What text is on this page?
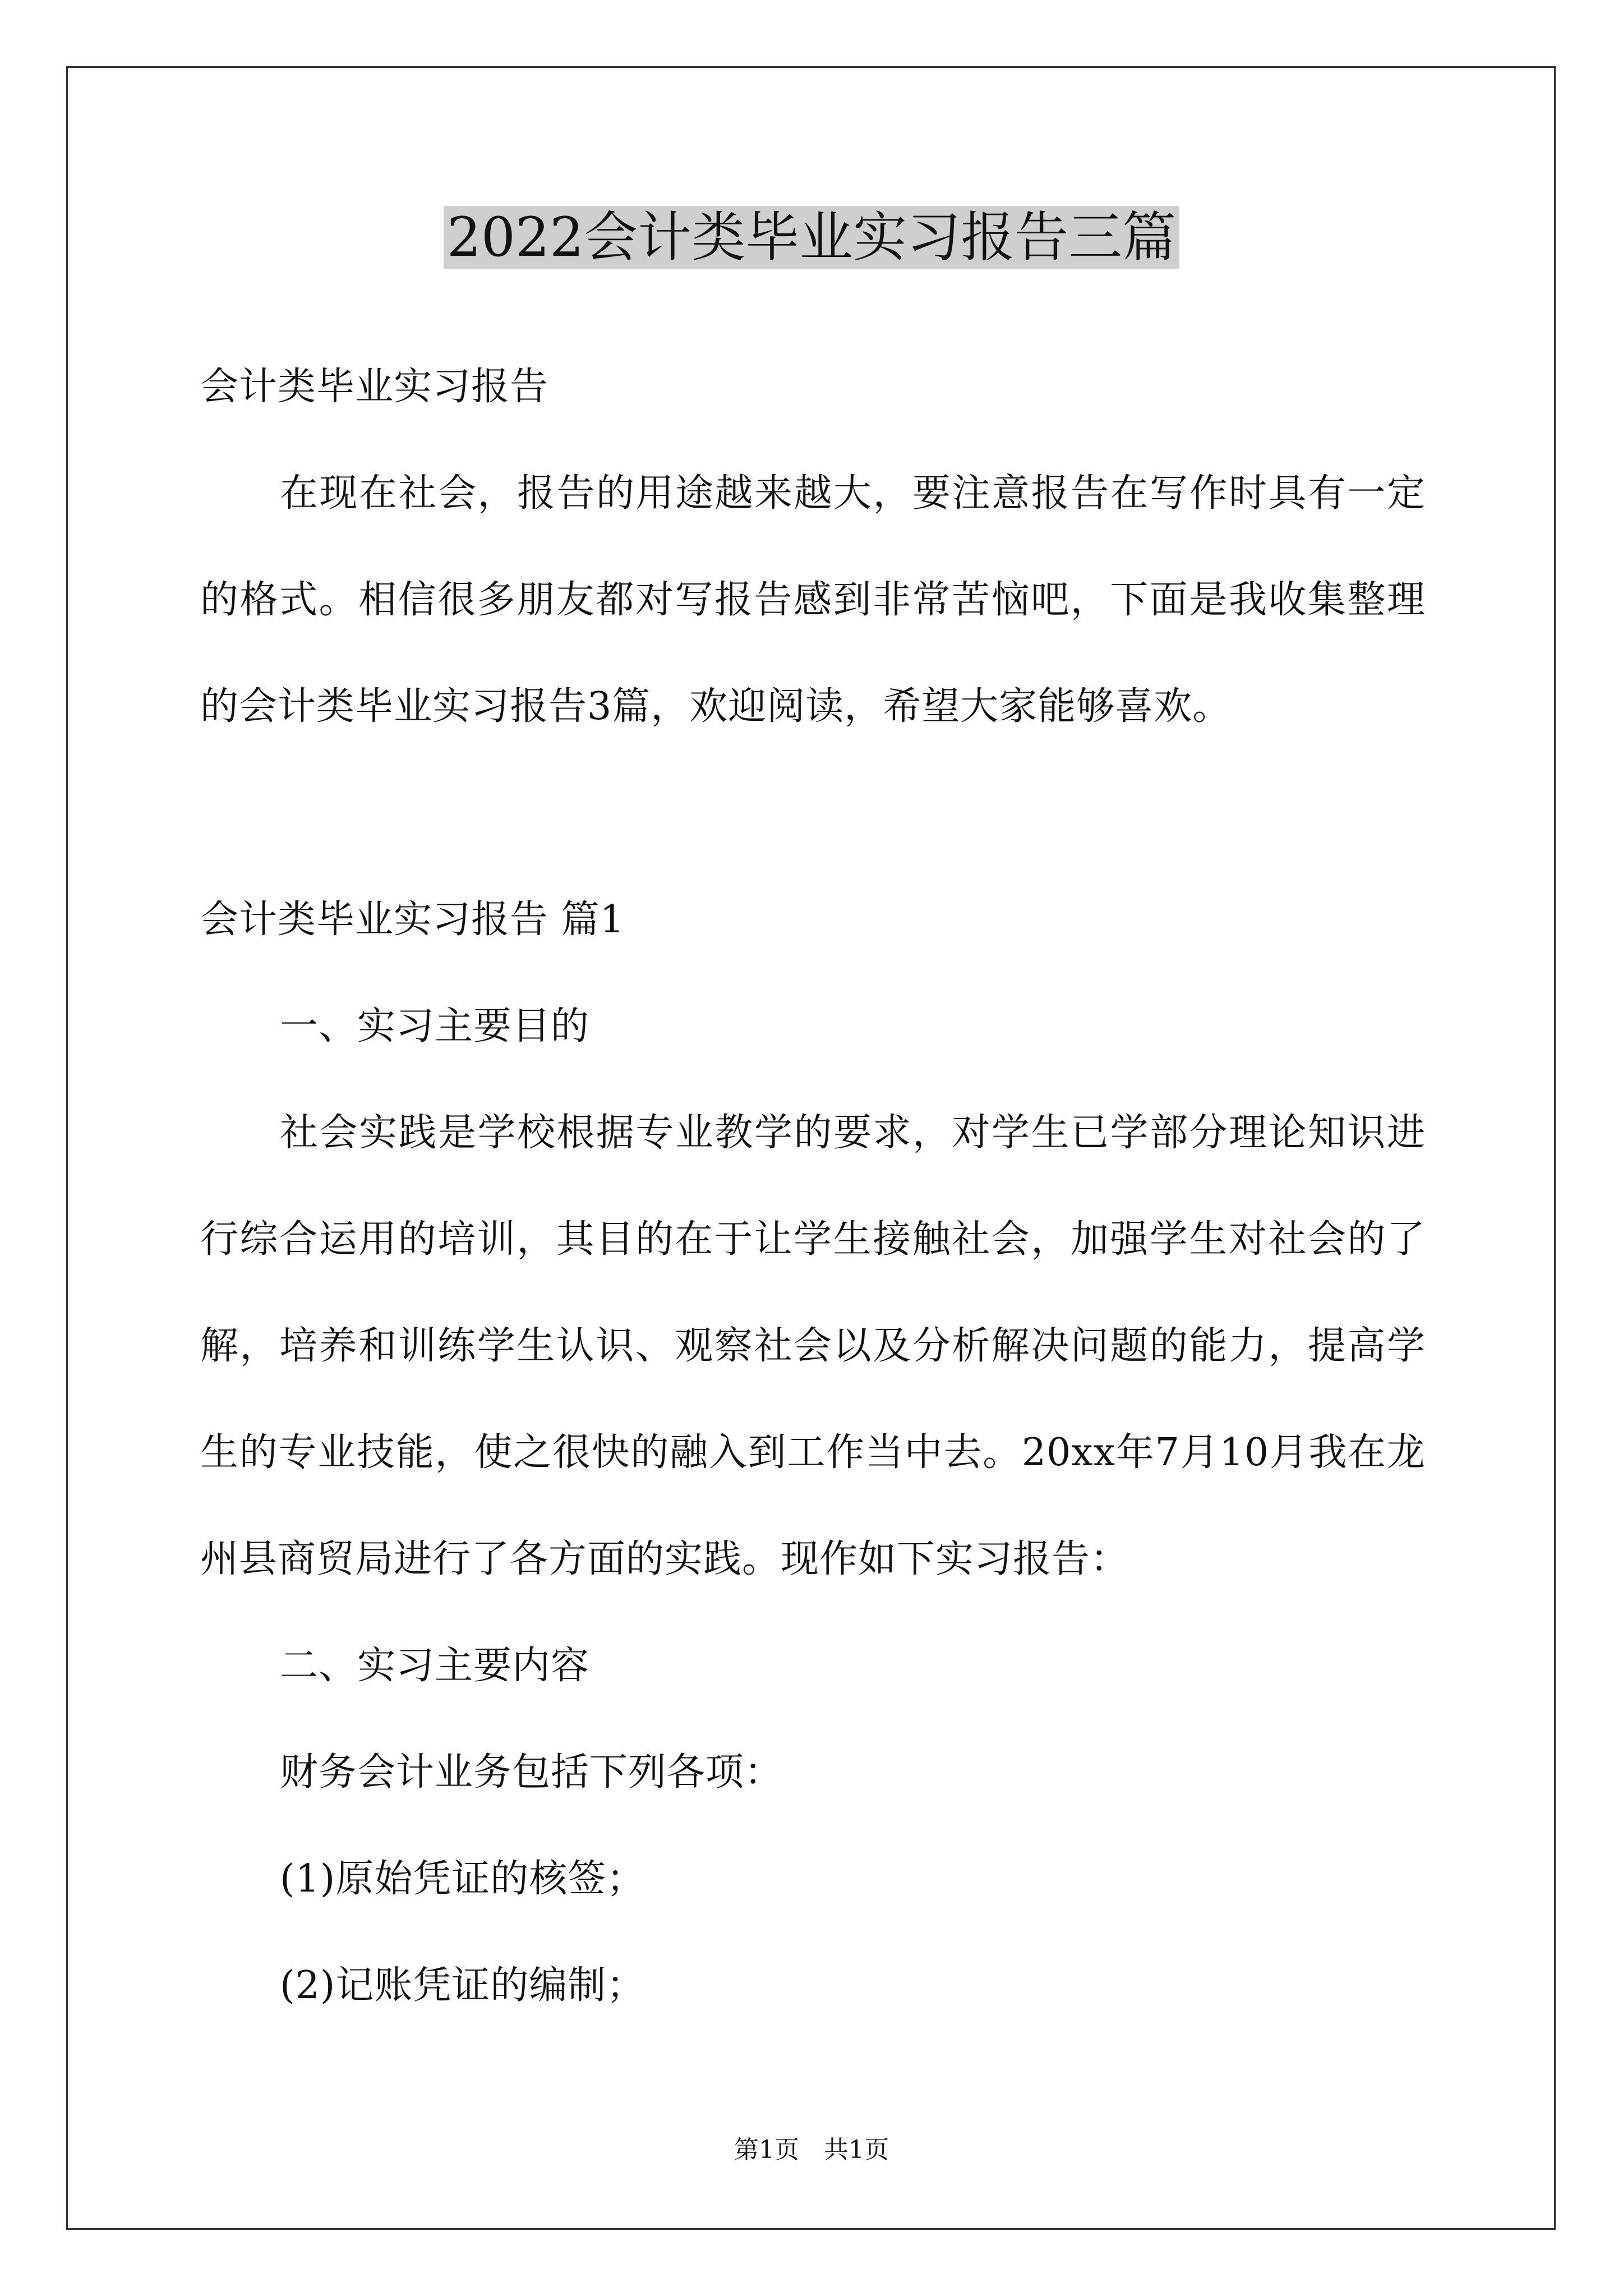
2022会计类毕业实习报告三篇

会计类毕业实习报告

在现在社会，报告的用途越来越大，要注意报告在写作时具有一定的格式。相信很多朋友都对写报告感到非常苦恼吧，下面是我收集整理的会计类毕业实习报告3篇，欢迎阅读，希望大家能够喜欢。

会计类毕业实习报告 篇1

一、实习主要目的

社会实践是学校根据专业教学的要求，对学生已学部分理论知识进行综合运用的培训，其目的在于让学生接触社会，加强学生对社会的了解，培养和训练学生认识、观察社会以及分析解决问题的能力，提高学生的专业技能，使之很快的融入到工作当中去。20xx年7月10月我在龙州县商贸局进行了各方面的实践。现作如下实习报告：

二、实习主要内容

财务会计业务包括下列各项：

(1)原始凭证的核签；

(2)记账凭证的编制；

第1页　共1页
